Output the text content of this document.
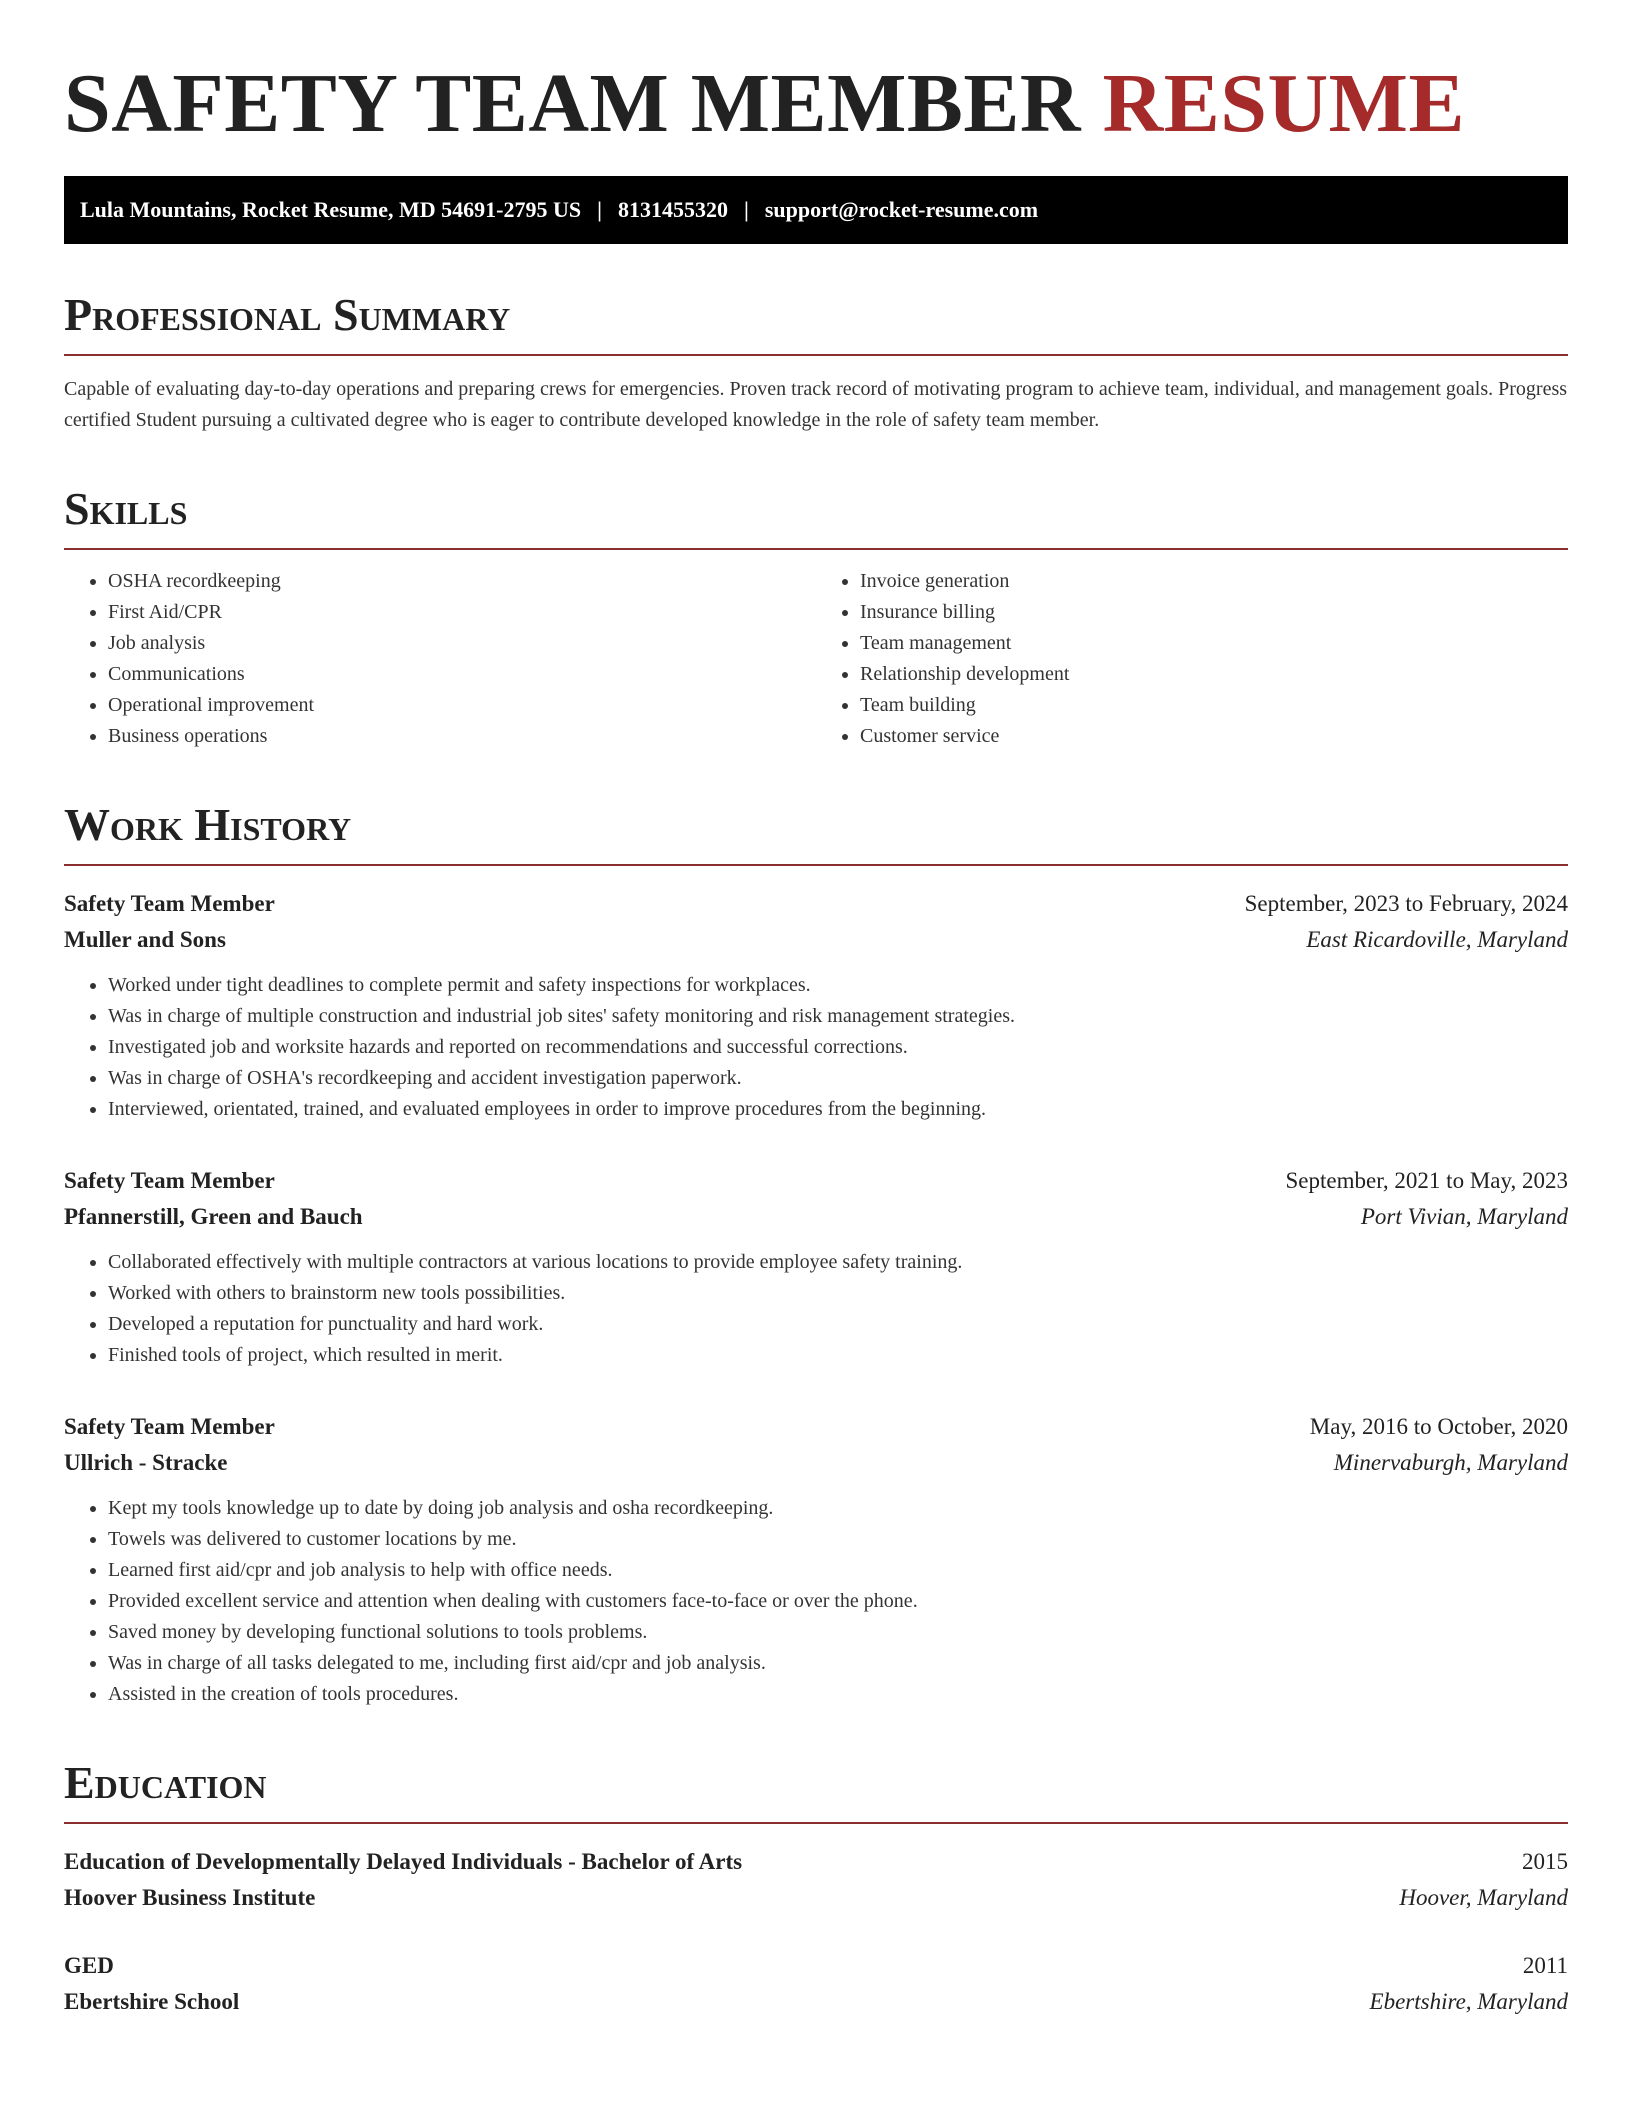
SAFETY TEAM MEMBER RESUME
Lula Mountains, Rocket Resume, MD 54691-2795 US | 8131455320 | support@rocket-resume.com
Professional Summary

Capable of evaluating day-to-day operations and preparing crews for emergencies. Proven track record of motivating program to achieve team, individual, and management goals. Progress certified Student pursuing a cultivated degree who is eager to contribute developed knowledge in the role of safety team member.

Skills
• OSHA recordkeeping
• First Aid/CPR
• Job analysis
• Communications
• Operational improvement
• Business operations
• Invoice generation
• Insurance billing
• Team management
• Relationship development
• Team building
• Customer service
Work History
Safety Team Member	September, 2023 to February, 2024
Muller and Sons	East Ricardoville, Maryland
• Worked under tight deadlines to complete permit and safety inspections for workplaces.
• Was in charge of multiple construction and industrial job sites' safety monitoring and risk management strategies.
• Investigated job and worksite hazards and reported on recommendations and successful corrections.
• Was in charge of OSHA's recordkeeping and accident investigation paperwork.
• Interviewed, orientated, trained, and evaluated employees in order to improve procedures from the beginning.
Safety Team Member	September, 2021 to May, 2023
Pfannerstill, Green and Bauch	Port Vivian, Maryland
• Collaborated effectively with multiple contractors at various locations to provide employee safety training.
• Worked with others to brainstorm new tools possibilities.
• Developed a reputation for punctuality and hard work.
• Finished tools of project, which resulted in merit.
Safety Team Member	May, 2016 to October, 2020
Ullrich - Stracke	Minervaburgh, Maryland
• Kept my tools knowledge up to date by doing job analysis and osha recordkeeping.
• Towels was delivered to customer locations by me.
• Learned first aid/cpr and job analysis to help with office needs.
• Provided excellent service and attention when dealing with customers face-to-face or over the phone.
• Saved money by developing functional solutions to tools problems.
• Was in charge of all tasks delegated to me, including first aid/cpr and job analysis.
• Assisted in the creation of tools procedures.
Education
Education of Developmentally Delayed Individuals - Bachelor of Arts	2015
Hoover Business Institute	Hoover, Maryland
GED	2011
Ebertshire School	Ebertshire, Maryland
